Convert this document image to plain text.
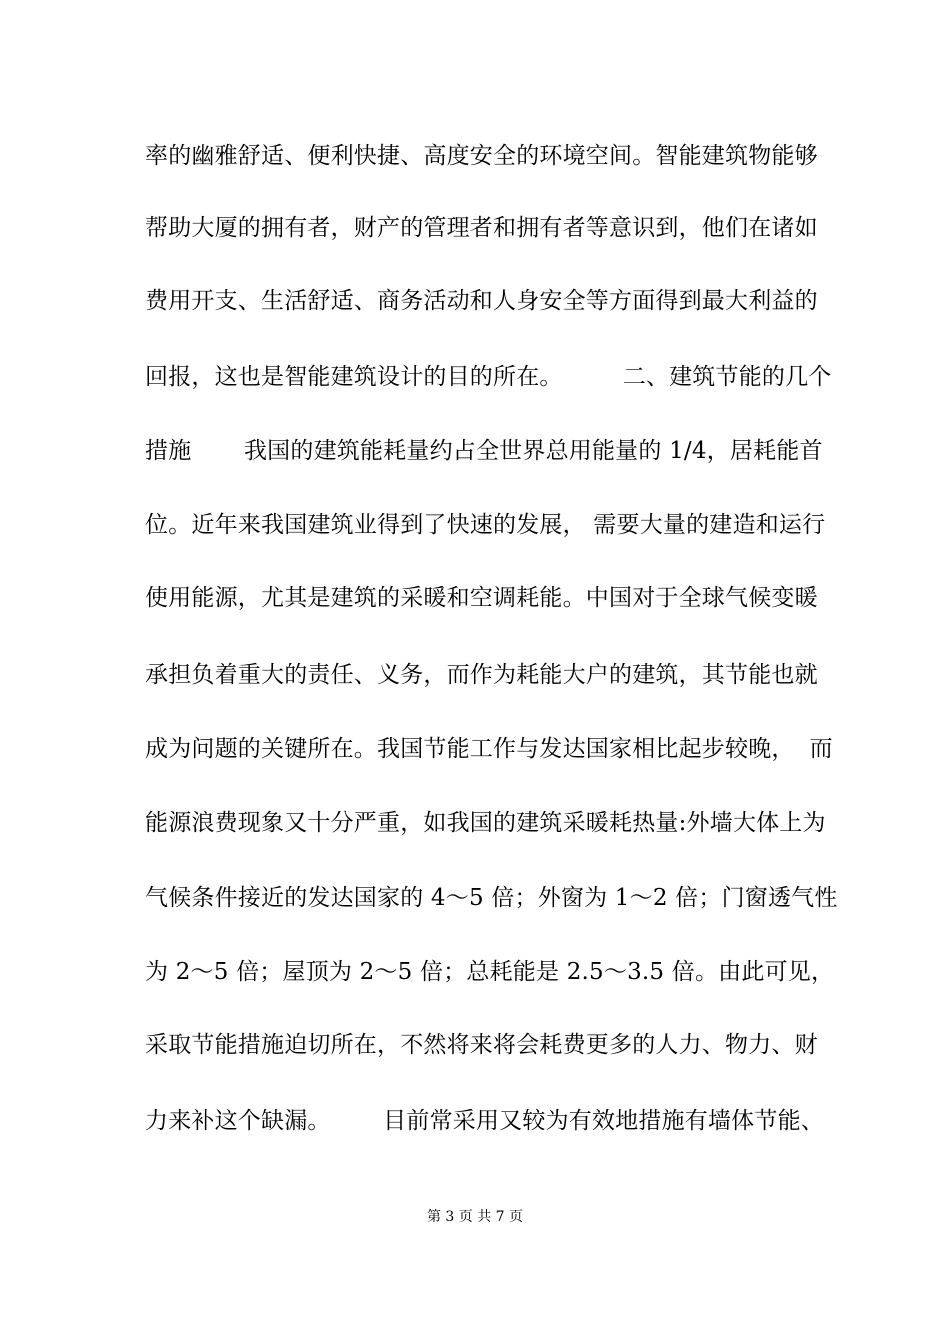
率的幽雅舒适、便利快捷、高度安全的环境空间。智能建筑物能够
帮助大厦的拥有者，财产的管理者和拥有者等意识到，他们在诸如
费用开支、生活舒适、商务活动和人身安全等方面得到最大利益的
回报，这也是智能建筑设计的目的所在。        二、建筑节能的几个
措施       我国的建筑能耗量约占全世界总用能量的 1/4，居耗能首
位。近年来我国建筑业得到了快速的发展， 需要大量的建造和运行
使用能源，尤其是建筑的采暖和空调耗能。中国对于全球气候变暖
承担负着重大的责任、义务，而作为耗能大户的建筑，其节能也就
成为问题的关键所在。我国节能工作与发达国家相比起步较晚，  而
能源浪费现象又十分严重，如我国的建筑采暖耗热量:外墙大体上为
气候条件接近的发达国家的 4～5 倍；外窗为 1～2 倍；门窗透气性
为 2～5 倍；屋顶为 2～5 倍；总耗能是 2.5～3.5 倍。由此可见，
采取节能措施迫切所在，不然将来将会耗费更多的人力、物力、财
力来补这个缺漏。       目前常采用又较为有效地措施有墙体节能、
第 3 页 共 7 页
